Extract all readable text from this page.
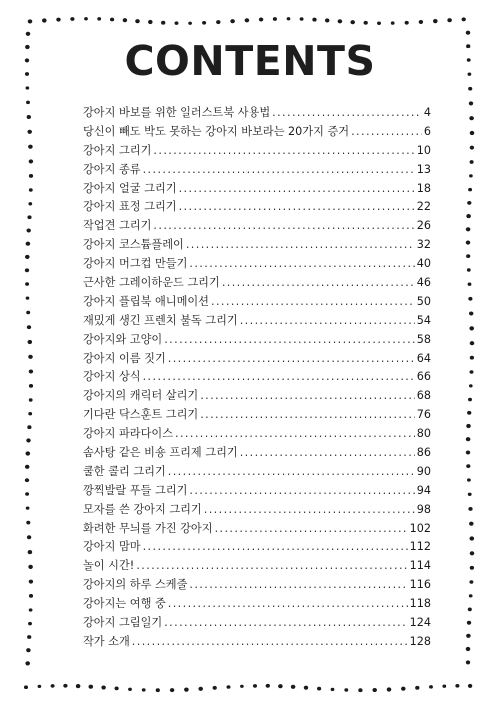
CONTENTS
강아지 바보를 위한 일러스트북 사용법 .....	4
당신이 빼도 박도 못하는 강아지 바보라는 20가지 증거 .....	6
강아지 그리기 .....	10
강아지 종류 .....	13
강아지 얼굴 그리기 .....	18
강아지 표정 그리기 .....	22
작업견 그리기 .....	26
강아지 코스튬플레이 .....	32
강아지 머그컵 만들기 .....	40
근사한 그레이하운드 그리기 .....	46
강아지 플립북 애니메이션 .....	50
재밌게 생긴 프렌치 불독 그리기 .....	54
강아지와 고양이 .....	58
강아지 이름 짓기 .....	64
강아지 상식 .....	66
강아지의 캐릭터 살리기 .....	68
기다란 닥스훈트 그리기 .....	76
강아지 파라다이스 .....	80
솜사탕 같은 비숑 프리제 그리기 .....	86
쿨한 콜리 그리기 .....	90
깡찍발랄 푸들 그리기 .....	94
모자를 쓴 강아지 그리기 .....	98
화려한 무늬를 가진 강아지 .....	102
강아지 맘마 .....	112
놀이 시간! .....	114
강아지의 하루 스케줄 .....	116
강아지는 여행 중 .....	118
강아지 그림일기 .....	124
작가 소개 .....	128
